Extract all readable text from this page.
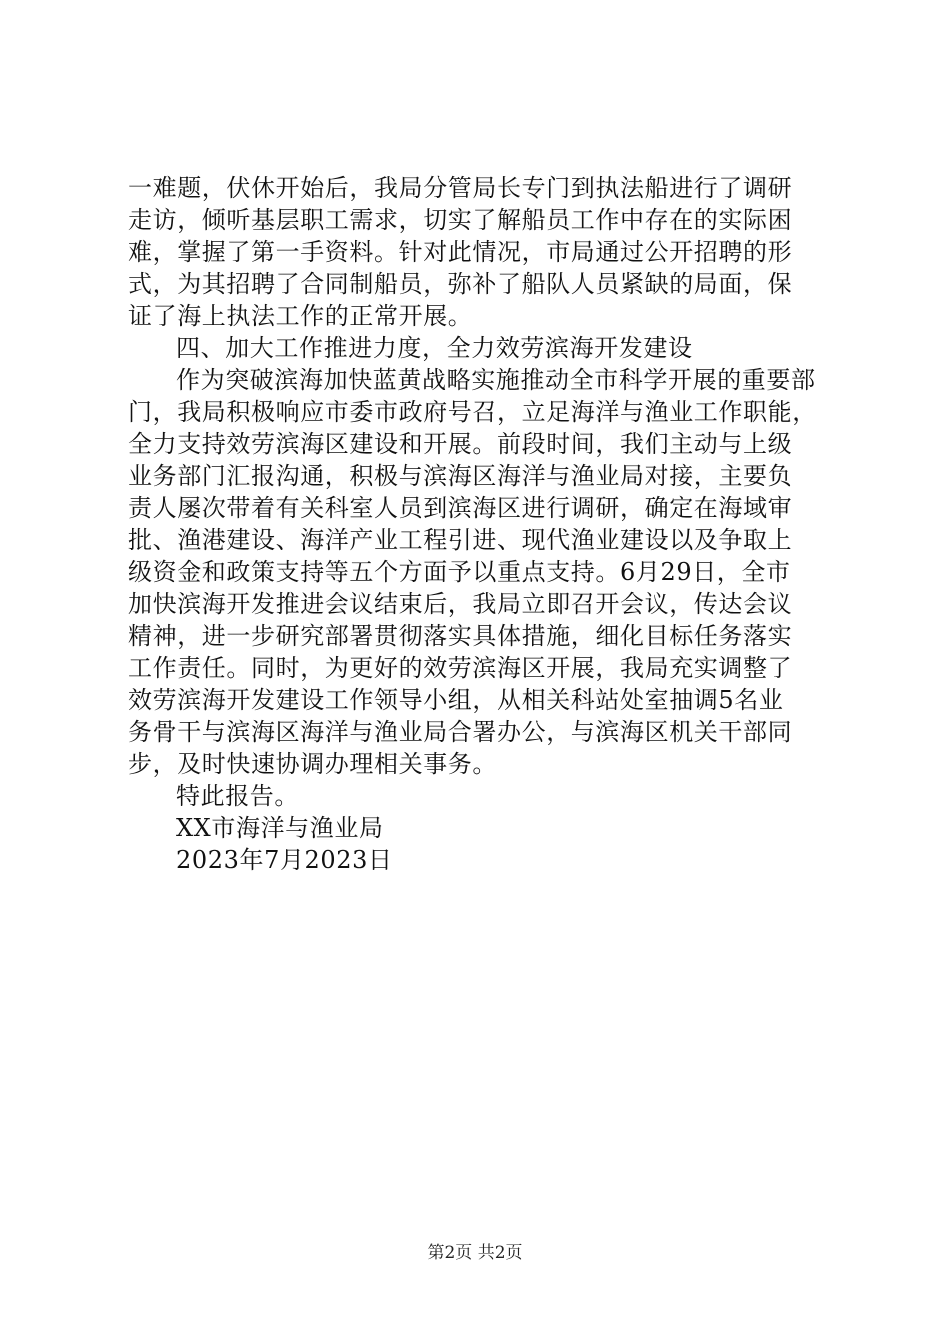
一难题，伏休开始后，我局分管局长专门到执法船进行了调研
走访，倾听基层职工需求，切实了解船员工作中存在的实际困
难，掌握了第一手资料。针对此情况，市局通过公开招聘的形
式，为其招聘了合同制船员，弥补了船队人员紧缺的局面，保
证了海上执法工作的正常开展。
四、加大工作推进力度，全力效劳滨海开发建设
作为突破滨海加快蓝黄战略实施推动全市科学开展的重要部
门，我局积极响应市委市政府号召，立足海洋与渔业工作职能，
全力支持效劳滨海区建设和开展。前段时间，我们主动与上级
业务部门汇报沟通，积极与滨海区海洋与渔业局对接，主要负
责人屡次带着有关科室人员到滨海区进行调研，确定在海域审
批、渔港建设、海洋产业工程引进、现代渔业建设以及争取上
级资金和政策支持等五个方面予以重点支持。6月29日，全市
加快滨海开发推进会议结束后，我局立即召开会议，传达会议
精神，进一步研究部署贯彻落实具体措施，细化目标任务落实
工作责任。同时，为更好的效劳滨海区开展，我局充实调整了
效劳滨海开发建设工作领导小组，从相关科站处室抽调5名业
务骨干与滨海区海洋与渔业局合署办公，与滨海区机关干部同
步，及时快速协调办理相关事务。
特此报告。
XX市海洋与渔业局
2023年7月2023日
第2页 共2页
